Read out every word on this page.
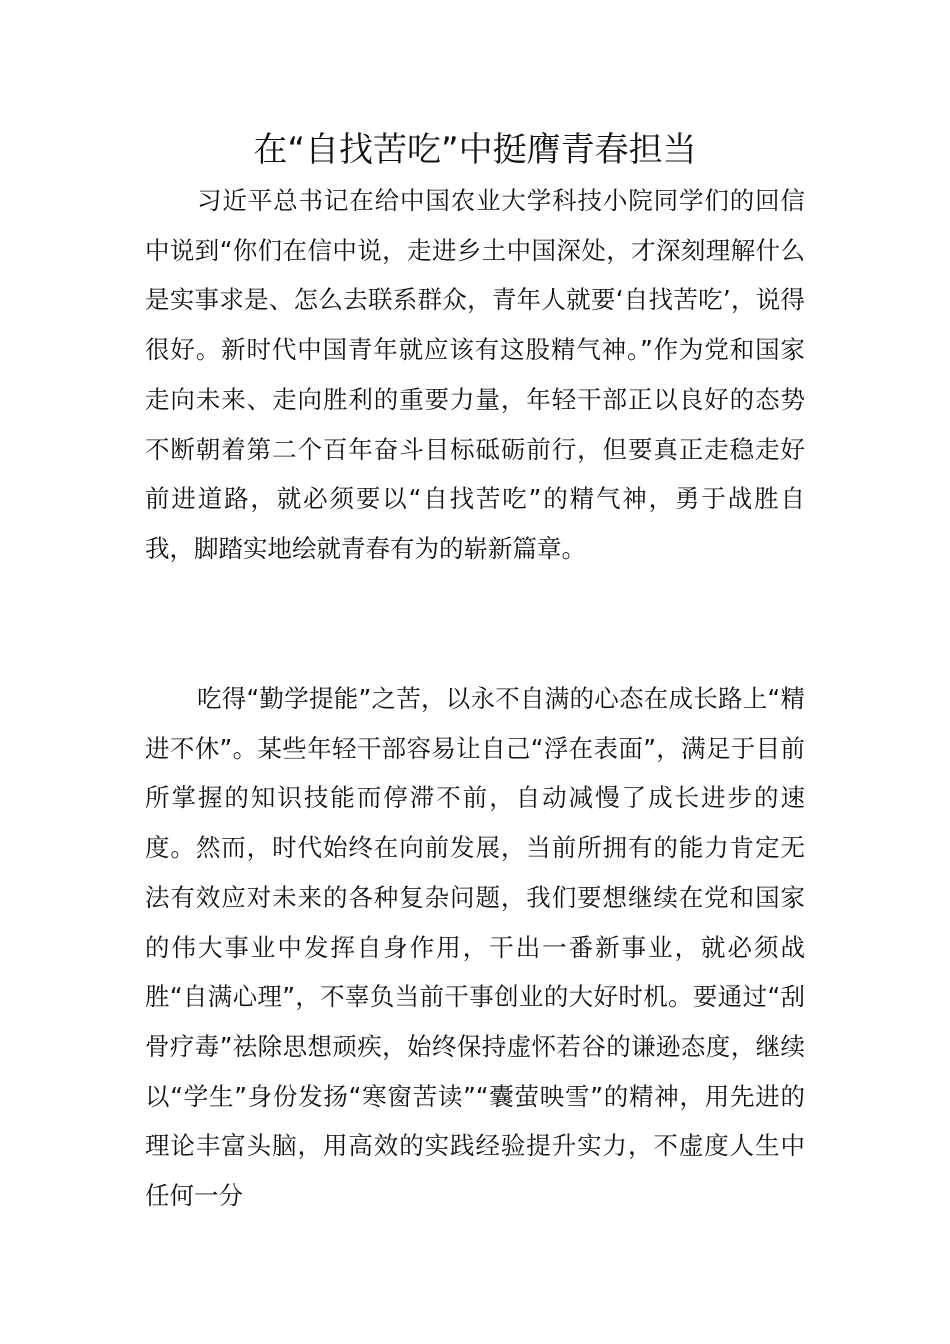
在“自找苦吃”中挺膺青春担当

习近平总书记在给中国农业大学科技小院同学们的回信中说到“你们在信中说，走进乡土中国深处，才深刻理解什么是实事求是、怎么去联系群众，青年人就要‘自找苦吃’，说得很好。新时代中国青年就应该有这股精气神。”作为党和国家走向未来、走向胜利的重要力量，年轻干部正以良好的态势不断朝着第二个百年奋斗目标砥砺前行，但要真正走稳走好前进道路，就必须要以“自找苦吃”的精气神，勇于战胜自我，脚踏实地绘就青春有为的崭新篇章。

吃得“勤学提能”之苦，以永不自满的心态在成长路上“精进不休”。某些年轻干部容易让自己“浮在表面”，满足于目前所掌握的知识技能而停滞不前，自动减慢了成长进步的速度。然而，时代始终在向前发展，当前所拥有的能力肯定无法有效应对未来的各种复杂问题，我们要想继续在党和国家的伟大事业中发挥自身作用，干出一番新事业，就必须战胜“自满心理”，不辜负当前干事创业的大好时机。要通过“刮骨疗毒”祛除思想顽疾，始终保持虚怀若谷的谦逊态度，继续以“学生”身份发扬“寒窗苦读”“囊萤映雪”的精神，用先进的理论丰富头脑，用高效的实践经验提升实力，不虚度人生中任何一分
